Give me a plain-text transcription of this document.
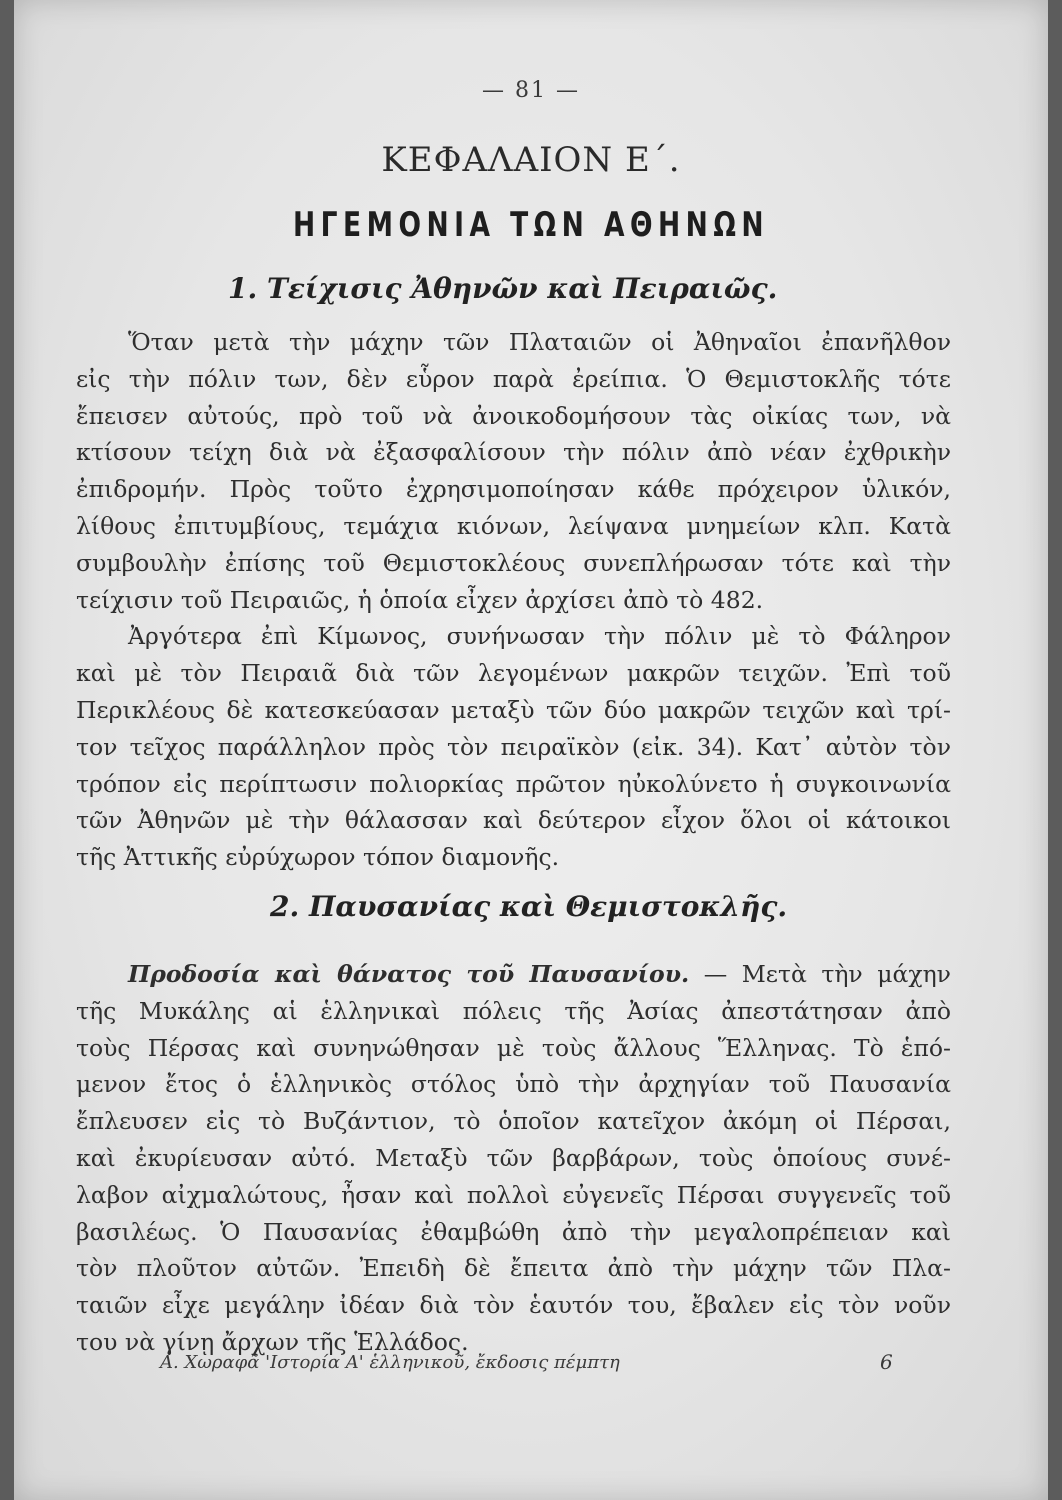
— 81 —
ΚΕΦΑΛΑΙΟΝ Ε΄.
ΗΓΕΜΟΝΙΑ ΤΩΝ ΑΘΗΝΩΝ
1. Τείχισις Ἀθηνῶν καὶ Πειραιῶς.
Ὅταν μετὰ τὴν μάχην τῶν Πλαταιῶν οἱ Ἀθηναῖοι ἐπανῆλθον
εἰς τὴν πόλιν των, δὲν εὗρον παρὰ ἐρείπια. Ὁ Θεμιστοκλῆς τότε
ἔπεισεν αὐτούς, πρὸ τοῦ νὰ ἀνοικοδομήσουν τὰς οἰκίας των, νὰ
κτίσουν τείχη διὰ νὰ ἐξασφαλίσουν τὴν πόλιν ἀπὸ νέαν ἐχθρικὴν
ἐπιδρομήν. Πρὸς τοῦτο ἐχρησιμοποίησαν κάθε πρόχειρον ὑλικόν,
λίθους ἐπιτυμβίους, τεμάχια κιόνων, λείψανα μνημείων κλπ. Κατὰ
συμβουλὴν ἐπίσης τοῦ Θεμιστοκλέους συνεπλήρωσαν τότε καὶ τὴν
τείχισιν τοῦ Πειραιῶς, ἡ ὁποία εἶχεν ἀρχίσει ἀπὸ τὸ 482.
Ἀργότερα ἐπὶ Κίμωνος, συνήνωσαν τὴν πόλιν μὲ τὸ Φάληρον
καὶ μὲ τὸν Πειραιᾶ διὰ τῶν λεγομένων μακρῶν τειχῶν. Ἐπὶ τοῦ
Περικλέους δὲ κατεσκεύασαν μεταξὺ τῶν δύο μακρῶν τειχῶν καὶ τρί-
τον τεῖχος παράλληλον πρὸς τὸν πειραϊκὸν (εἰκ. 34). Κατ᾽ αὐτὸν τὸν
τρόπον εἰς περίπτωσιν πολιορκίας πρῶτον ηὐκολύνετο ἡ συγκοινωνία
τῶν Ἀθηνῶν μὲ τὴν θάλασσαν καὶ δεύτερον εἶχον ὅλοι οἱ κάτοικοι
τῆς Ἀττικῆς εὐρύχωρον τόπον διαμονῆς.
2. Παυσανίας καὶ Θεμιστοκλῆς.
Προδοσία καὶ θάνατος τοῦ Παυσανίου. — Μετὰ τὴν μάχην
τῆς Μυκάλης αἱ ἑλληνικαὶ πόλεις τῆς Ἀσίας ἀπεστάτησαν ἀπὸ
τοὺς Πέρσας καὶ συνηνώθησαν μὲ τοὺς ἄλλους Ἕλληνας. Τὸ ἑπό-
μενον ἔτος ὁ ἑλληνικὸς στόλος ὑπὸ τὴν ἀρχηγίαν τοῦ Παυσανία
ἔπλευσεν εἰς τὸ Βυζάντιον, τὸ ὁποῖον κατεῖχον ἀκόμη οἱ Πέρσαι,
καὶ ἐκυρίευσαν αὐτό. Μεταξὺ τῶν βαρβάρων, τοὺς ὁποίους συνέ-
λαβον αἰχμαλώτους, ἦσαν καὶ πολλοὶ εὐγενεῖς Πέρσαι συγγενεῖς τοῦ
βασιλέως. Ὁ Παυσανίας ἐθαμβώθη ἀπὸ τὴν μεγαλοπρέπειαν καὶ
τὸν πλοῦτον αὐτῶν. Ἐπειδὴ δὲ ἔπειτα ἀπὸ τὴν μάχην τῶν Πλα-
ταιῶν εἶχε μεγάλην ἰδέαν διὰ τὸν ἑαυτόν του, ἔβαλεν εἰς τὸν νοῦν
του νὰ γίνῃ ἄρχων τῆς Ἑλλάδος.
Α. Χωραφᾶ 'Ιστορία Α' ἑλληνικοῦ, ἔκδοσις πέμπτη	6
